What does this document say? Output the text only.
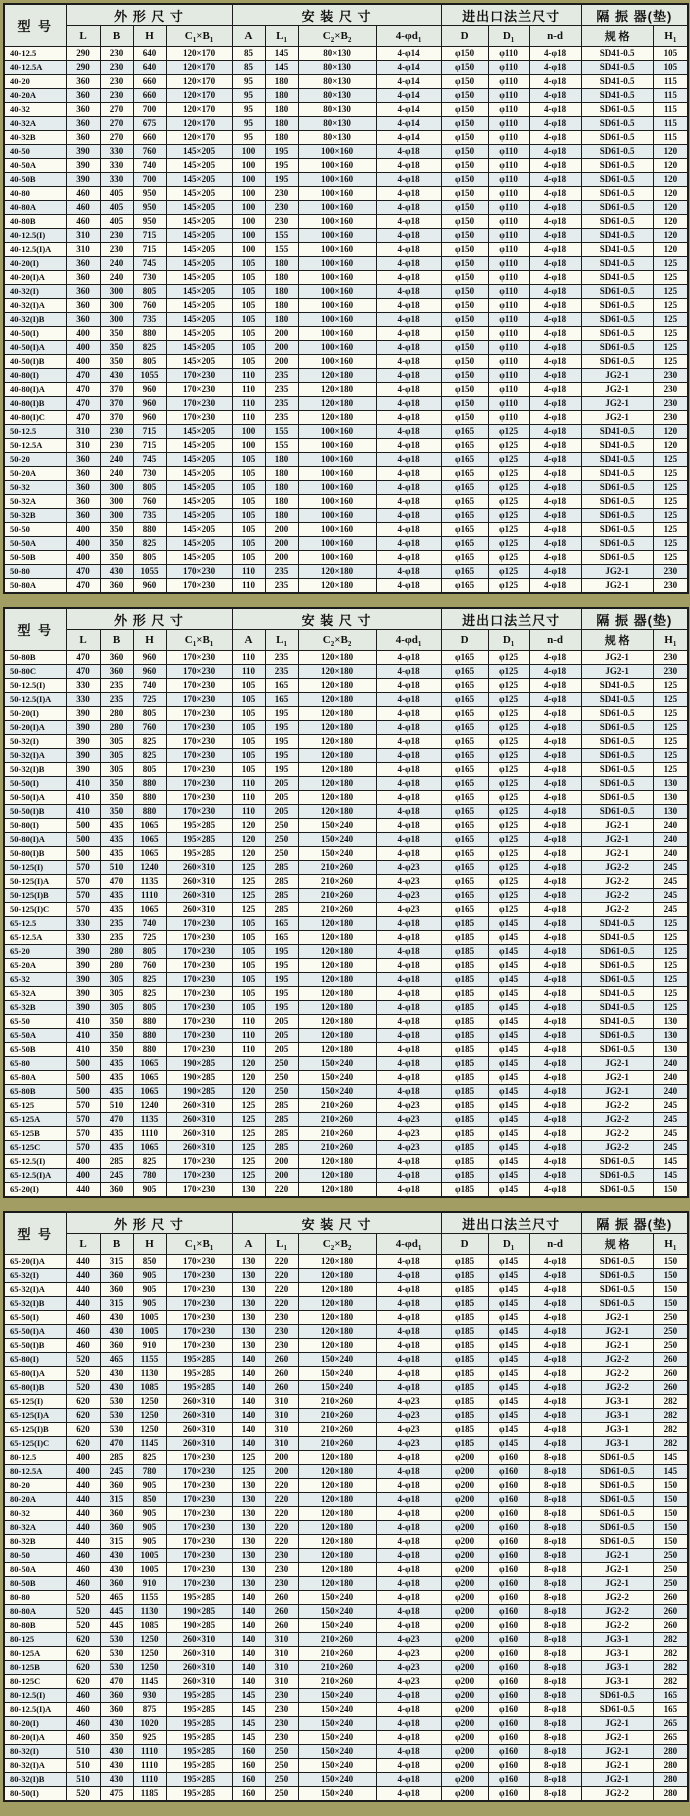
型 号	外 形 尺 寸				安 装 尺 寸				进出口法兰尺寸			隔 振 器(垫)	
	L	B	H	$C_1\times B_1$	A	$L_1$	$C_2\times B_2$	$4-\varphi d_1$	D	$D_1$	n-d	规 格	$H_1$
40-12.5	290	230	640	120×170	85	145	80×130	4-φ14	φ150	φ110	4-φ18	SD41-0.5	105
40-12.5A	290	230	640	120×170	85	145	80×130	4-φ14	φ150	φ110	4-φ18	SD41-0.5	105
40-20	360	230	660	120×170	95	180	80×130	4-φ14	φ150	φ110	4-φ18	SD41-0.5	115
40-20A	360	230	660	120×170	95	180	80×130	4-φ14	φ150	φ110	4-φ18	SD41-0.5	115
40-32	360	270	700	120×170	95	180	80×130	4-φ14	φ150	φ110	4-φ18	SD61-0.5	115
40-32A	360	270	675	120×170	95	180	80×130	4-φ14	φ150	φ110	4-φ18	SD61-0.5	115
40-32B	360	270	660	120×170	95	180	80×130	4-φ14	φ150	φ110	4-φ18	SD61-0.5	115
40-50	390	330	760	145×205	100	195	100×160	4-φ18	φ150	φ110	4-φ18	SD61-0.5	120
40-50A	390	330	740	145×205	100	195	100×160	4-φ18	φ150	φ110	4-φ18	SD61-0.5	120
40-50B	390	330	700	145×205	100	195	100×160	4-φ18	φ150	φ110	4-φ18	SD61-0.5	120
40-80	460	405	950	145×205	100	230	100×160	4-φ18	φ150	φ110	4-φ18	SD61-0.5	120
40-80A	460	405	950	145×205	100	230	100×160	4-φ18	φ150	φ110	4-φ18	SD61-0.5	120
40-80B	460	405	950	145×205	100	230	100×160	4-φ18	φ150	φ110	4-φ18	SD61-0.5	120
40-12.5(I)	310	230	715	145×205	100	155	100×160	4-φ18	φ150	φ110	4-φ18	SD41-0.5	120
40-12.5(I)A	310	230	715	145×205	100	155	100×160	4-φ18	φ150	φ110	4-φ18	SD41-0.5	120
40-20(I)	360	240	745	145×205	105	180	100×160	4-φ18	φ150	φ110	4-φ18	SD41-0.5	125
40-20(I)A	360	240	730	145×205	105	180	100×160	4-φ18	φ150	φ110	4-φ18	SD41-0.5	125
40-32(I)	360	300	805	145×205	105	180	100×160	4-φ18	φ150	φ110	4-φ18	SD61-0.5	125
40-32(I)A	360	300	760	145×205	105	180	100×160	4-φ18	φ150	φ110	4-φ18	SD61-0.5	125
40-32(I)B	360	300	735	145×205	105	180	100×160	4-φ18	φ150	φ110	4-φ18	SD61-0.5	125
40-50(I)	400	350	880	145×205	105	200	100×160	4-φ18	φ150	φ110	4-φ18	SD61-0.5	125
40-50(I)A	400	350	825	145×205	105	200	100×160	4-φ18	φ150	φ110	4-φ18	SD61-0.5	125
40-50(I)B	400	350	805	145×205	105	200	100×160	4-φ18	φ150	φ110	4-φ18	SD61-0.5	125
40-80(I)	470	430	1055	170×230	110	235	120×180	4-φ18	φ150	φ110	4-φ18	JG2-1	230
40-80(I)A	470	370	960	170×230	110	235	120×180	4-φ18	φ150	φ110	4-φ18	JG2-1	230
40-80(I)B	470	370	960	170×230	110	235	120×180	4-φ18	φ150	φ110	4-φ18	JG2-1	230
40-80(I)C	470	370	960	170×230	110	235	120×180	4-φ18	φ150	φ110	4-φ18	JG2-1	230
50-12.5	310	230	715	145×205	100	155	100×160	4-φ18	φ165	φ125	4-φ18	SD41-0.5	120
50-12.5A	310	230	715	145×205	100	155	100×160	4-φ18	φ165	φ125	4-φ18	SD41-0.5	120
50-20	360	240	745	145×205	105	180	100×160	4-φ18	φ165	φ125	4-φ18	SD41-0.5	125
50-20A	360	240	730	145×205	105	180	100×160	4-φ18	φ165	φ125	4-φ18	SD41-0.5	125
50-32	360	300	805	145×205	105	180	100×160	4-φ18	φ165	φ125	4-φ18	SD61-0.5	125
50-32A	360	300	760	145×205	105	180	100×160	4-φ18	φ165	φ125	4-φ18	SD61-0.5	125
50-32B	360	300	735	145×205	105	180	100×160	4-φ18	φ165	φ125	4-φ18	SD61-0.5	125
50-50	400	350	880	145×205	105	200	100×160	4-φ18	φ165	φ125	4-φ18	SD61-0.5	125
50-50A	400	350	825	145×205	105	200	100×160	4-φ18	φ165	φ125	4-φ18	SD61-0.5	125
50-50B	400	350	805	145×205	105	200	100×160	4-φ18	φ165	φ125	4-φ18	SD61-0.5	125
50-80	470	430	1055	170×230	110	235	120×180	4-φ18	φ165	φ125	4-φ18	JG2-1	230
50-80A	470	360	960	170×230	110	235	120×180	4-φ18	φ165	φ125	4-φ18	JG2-1	230
型 号	外 形 尺 寸				安 装 尺 寸				进出口法兰尺寸			隔 振 器(垫)	
	L	B	H	$C_1\times B_1$	A	$L_1$	$C_2\times B_2$	$4-\varphi d_1$	D	$D_1$	n-d	规 格	$H_1$
50-80B	470	360	960	170×230	110	235	120×180	4-φ18	φ165	φ125	4-φ18	JG2-1	230
50-80C	470	360	960	170×230	110	235	120×180	4-φ18	φ165	φ125	4-φ18	JG2-1	230
50-12.5(I)	330	235	740	170×230	105	165	120×180	4-φ18	φ165	φ125	4-φ18	SD41-0.5	125
50-12.5(I)A	330	235	725	170×230	105	165	120×180	4-φ18	φ165	φ125	4-φ18	SD41-0.5	125
50-20(I)	390	280	805	170×230	105	195	120×180	4-φ18	φ165	φ125	4-φ18	SD61-0.5	125
50-20(I)A	390	280	760	170×230	105	195	120×180	4-φ18	φ165	φ125	4-φ18	SD61-0.5	125
50-32(I)	390	305	825	170×230	105	195	120×180	4-φ18	φ165	φ125	4-φ18	SD61-0.5	125
50-32(I)A	390	305	825	170×230	105	195	120×180	4-φ18	φ165	φ125	4-φ18	SD61-0.5	125
50-32(I)B	390	305	805	170×230	105	195	120×180	4-φ18	φ165	φ125	4-φ18	SD61-0.5	125
50-50(I)	410	350	880	170×230	110	205	120×180	4-φ18	φ165	φ125	4-φ18	SD61-0.5	130
50-50(I)A	410	350	880	170×230	110	205	120×180	4-φ18	φ165	φ125	4-φ18	SD61-0.5	130
50-50(I)B	410	350	880	170×230	110	205	120×180	4-φ18	φ165	φ125	4-φ18	SD61-0.5	130
50-80(I)	500	435	1065	195×285	120	250	150×240	4-φ18	φ165	φ125	4-φ18	JG2-1	240
50-80(I)A	500	435	1065	195×285	120	250	150×240	4-φ18	φ165	φ125	4-φ18	JG2-1	240
50-80(I)B	500	435	1065	195×285	120	250	150×240	4-φ18	φ165	φ125	4-φ18	JG2-1	240
50-125(I)	570	510	1240	260×310	125	285	210×260	4-φ23	φ165	φ125	4-φ18	JG2-2	245
50-125(I)A	570	470	1135	260×310	125	285	210×260	4-φ23	φ165	φ125	4-φ18	JG2-2	245
50-125(I)B	570	435	1110	260×310	125	285	210×260	4-φ23	φ165	φ125	4-φ18	JG2-2	245
50-125(I)C	570	435	1065	260×310	125	285	210×260	4-φ23	φ165	φ125	4-φ18	JG2-2	245
65-12.5	330	235	740	170×230	105	165	120×180	4-φ18	φ185	φ145	4-φ18	SD41-0.5	125
65-12.5A	330	235	725	170×230	105	165	120×180	4-φ18	φ185	φ145	4-φ18	SD41-0.5	125
65-20	390	280	805	170×230	105	195	120×180	4-φ18	φ185	φ145	4-φ18	SD61-0.5	125
65-20A	390	280	760	170×230	105	195	120×180	4-φ18	φ185	φ145	4-φ18	SD61-0.5	125
65-32	390	305	825	170×230	105	195	120×180	4-φ18	φ185	φ145	4-φ18	SD61-0.5	125
65-32A	390	305	825	170×230	105	195	120×180	4-φ18	φ185	φ145	4-φ18	SD41-0.5	125
65-32B	390	305	805	170×230	105	195	120×180	4-φ18	φ185	φ145	4-φ18	SD41-0.5	125
65-50	410	350	880	170×230	110	205	120×180	4-φ18	φ185	φ145	4-φ18	SD41-0.5	130
65-50A	410	350	880	170×230	110	205	120×180	4-φ18	φ185	φ145	4-φ18	SD61-0.5	130
65-50B	410	350	880	170×230	110	205	120×180	4-φ18	φ185	φ145	4-φ18	SD61-0.5	130
65-80	500	435	1065	190×285	120	250	150×240	4-φ18	φ185	φ145	4-φ18	JG2-1	240
65-80A	500	435	1065	190×285	120	250	150×240	4-φ18	φ185	φ145	4-φ18	JG2-1	240
65-80B	500	435	1065	190×285	120	250	150×240	4-φ18	φ185	φ145	4-φ18	JG2-1	240
65-125	570	510	1240	260×310	125	285	210×260	4-φ23	φ185	φ145	4-φ18	JG2-2	245
65-125A	570	470	1135	260×310	125	285	210×260	4-φ23	φ185	φ145	4-φ18	JG2-2	245
65-125B	570	435	1110	260×310	125	285	210×260	4-φ23	φ185	φ145	4-φ18	JG2-2	245
65-125C	570	435	1065	260×310	125	285	210×260	4-φ23	φ185	φ145	4-φ18	JG2-2	245
65-12.5(I)	400	285	825	170×230	125	200	120×180	4-φ18	φ185	φ145	4-φ18	SD61-0.5	145
65-12.5(I)A	400	245	780	170×230	125	200	120×180	4-φ18	φ185	φ145	4-φ18	SD61-0.5	145
65-20(I)	440	360	905	170×230	130	220	120×180	4-φ18	φ185	φ145	4-φ18	SD61-0.5	150
型 号	外 形 尺 寸				安 装 尺 寸				进出口法兰尺寸			隔 振 器(垫)	
	L	B	H	$C_1\times B_1$	A	$L_1$	$C_2\times B_2$	$4-\varphi d_1$	D	$D_1$	n-d	规 格	$H_1$
65-20(I)A	440	315	850	170×230	130	220	120×180	4-φ18	φ185	φ145	4-φ18	SD61-0.5	150
65-32(I)	440	360	905	170×230	130	220	120×180	4-φ18	φ185	φ145	4-φ18	SD61-0.5	150
65-32(I)A	440	360	905	170×230	130	220	120×180	4-φ18	φ185	φ145	4-φ18	SD61-0.5	150
65-32(I)B	440	315	905	170×230	130	220	120×180	4-φ18	φ185	φ145	4-φ18	SD61-0.5	150
65-50(I)	460	430	1005	170×230	130	230	120×180	4-φ18	φ185	φ145	4-φ18	JG2-1	250
65-50(I)A	460	430	1005	170×230	130	230	120×180	4-φ18	φ185	φ145	4-φ18	JG2-1	250
65-50(I)B	460	360	910	170×230	130	230	120×180	4-φ18	φ185	φ145	4-φ18	JG2-1	250
65-80(I)	520	465	1155	195×285	140	260	150×240	4-φ18	φ185	φ145	4-φ18	JG2-2	260
65-80(I)A	520	430	1130	195×285	140	260	150×240	4-φ18	φ185	φ145	4-φ18	JG2-2	260
65-80(I)B	520	430	1085	195×285	140	260	150×240	4-φ18	φ185	φ145	4-φ18	JG2-2	260
65-125(I)	620	530	1250	260×310	140	310	210×260	4-φ23	φ185	φ145	4-φ18	JG3-1	282
65-125(I)A	620	530	1250	260×310	140	310	210×260	4-φ23	φ185	φ145	4-φ18	JG3-1	282
65-125(I)B	620	530	1250	260×310	140	310	210×260	4-φ23	φ185	φ145	4-φ18	JG3-1	282
65-125(I)C	620	470	1145	260×310	140	310	210×260	4-φ23	φ185	φ145	4-φ18	JG3-1	282
80-12.5	400	285	825	170×230	125	200	120×180	4-φ18	φ200	φ160	8-φ18	SD61-0.5	145
80-12.5A	400	245	780	170×230	125	200	120×180	4-φ18	φ200	φ160	8-φ18	SD61-0.5	145
80-20	440	360	905	170×230	130	220	120×180	4-φ18	φ200	φ160	8-φ18	SD61-0.5	150
80-20A	440	315	850	170×230	130	220	120×180	4-φ18	φ200	φ160	8-φ18	SD61-0.5	150
80-32	440	360	905	170×230	130	220	120×180	4-φ18	φ200	φ160	8-φ18	SD61-0.5	150
80-32A	440	360	905	170×230	130	220	120×180	4-φ18	φ200	φ160	8-φ18	SD61-0.5	150
80-32B	440	315	905	170×230	130	220	120×180	4-φ18	φ200	φ160	8-φ18	SD61-0.5	150
80-50	460	430	1005	170×230	130	230	120×180	4-φ18	φ200	φ160	8-φ18	JG2-1	250
80-50A	460	430	1005	170×230	130	230	120×180	4-φ18	φ200	φ160	8-φ18	JG2-1	250
80-50B	460	360	910	170×230	130	230	120×180	4-φ18	φ200	φ160	8-φ18	JG2-1	250
80-80	520	465	1155	195×285	140	260	150×240	4-φ18	φ200	φ160	8-φ18	JG2-2	260
80-80A	520	445	1130	190×285	140	260	150×240	4-φ18	φ200	φ160	8-φ18	JG2-2	260
80-80B	520	445	1085	190×285	140	260	150×240	4-φ18	φ200	φ160	8-φ18	JG2-2	260
80-125	620	530	1250	260×310	140	310	210×260	4-φ23	φ200	φ160	8-φ18	JG3-1	282
80-125A	620	530	1250	260×310	140	310	210×260	4-φ23	φ200	φ160	8-φ18	JG3-1	282
80-125B	620	530	1250	260×310	140	310	210×260	4-φ23	φ200	φ160	8-φ18	JG3-1	282
80-125C	620	470	1145	260×310	140	310	210×260	4-φ23	φ200	φ160	8-φ18	JG3-1	282
80-12.5(I)	460	360	930	195×285	145	230	150×240	4-φ18	φ200	φ160	8-φ18	SD61-0.5	165
80-12.5(I)A	460	360	875	195×285	145	230	150×240	4-φ18	φ200	φ160	8-φ18	SD61-0.5	165
80-20(I)	460	430	1020	195×285	145	230	150×240	4-φ18	φ200	φ160	8-φ18	JG2-1	265
80-20(I)A	460	350	925	195×285	145	230	150×240	4-φ18	φ200	φ160	8-φ18	JG2-1	265
80-32(I)	510	430	1110	195×285	160	250	150×240	4-φ18	φ200	φ160	8-φ18	JG2-1	280
80-32(I)A	510	430	1110	195×285	160	250	150×240	4-φ18	φ200	φ160	8-φ18	JG2-1	280
80-32(I)B	510	430	1110	195×285	160	250	150×240	4-φ18	φ200	φ160	8-φ18	JG2-1	280
80-50(I)	520	475	1185	195×285	160	250	150×240	4-φ18	φ200	φ160	8-φ18	JG2-2	280
